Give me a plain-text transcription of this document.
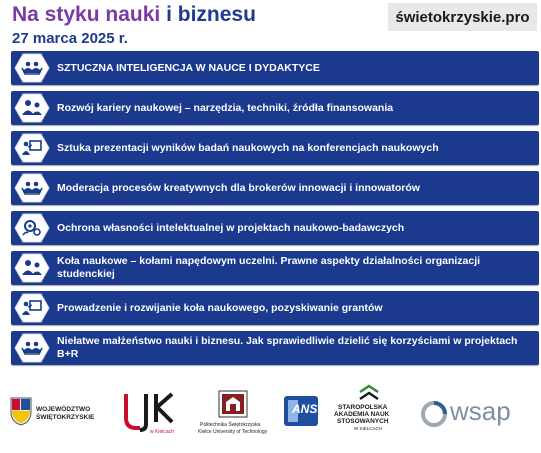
Na styku nauki i biznesu
27 marca 2025 r.
świetokrzyskie.pro
SZTUCZNA INTELIGENCJA W NAUCE I DYDAKTYCE
Rozwój kariery naukowej – narzędzia, techniki, źródła finansowania
Sztuka prezentacji wyników badań naukowych na konferencjach naukowych
Moderacja procesów kreatywnych dla brokerów innowacji i innowatorów
Ochrona własności intelektualnej w projektach naukowo-badawczych
Koła naukowe – kołami napędowym uczelni. Prawne aspekty działalności organizacji studenckiej
Prowadzenie i rozwijanie koła naukowego, pozyskiwanie grantów
Niełatwe małżeństwo nauki i biznesu. Jak sprawiedliwie dzielić się korzyściami w projektach B+R
WOJEWÓDZTWO
ŚWIĘTOKRZYSKIE
w Kielcach
Politechnika Świętokrzyska
Kielce University of Technology
ANS	STAROPOLSKA
AKADEMIA NAUK
STOSOWANYCH
W KIELCACH
wsap
